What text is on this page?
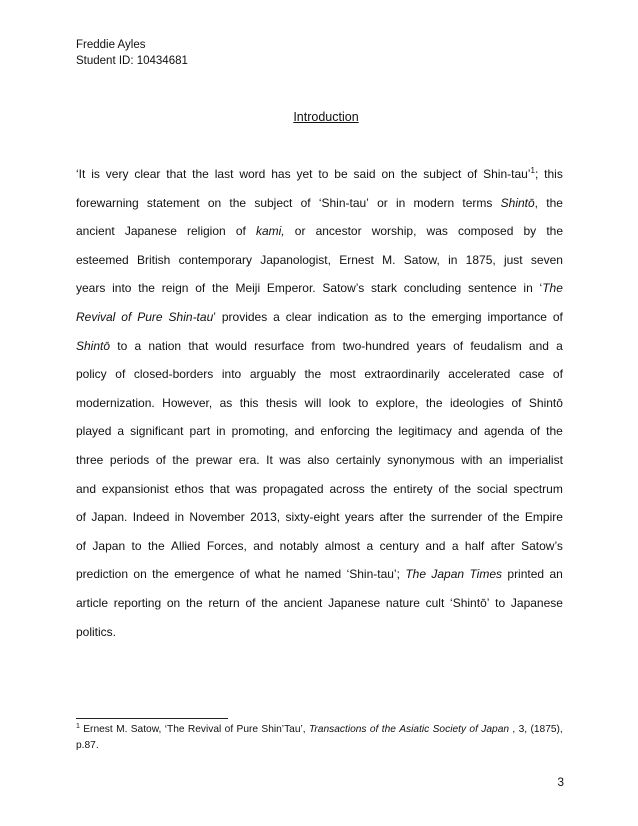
Freddie Ayles
Student ID: 10434681
Introduction
‘It is very clear that the last word has yet to be said on the subject of Shin-tau’$^1$; this
forewarning statement on the subject of ‘Shin-tau’ or in modern terms Shintō, the
ancient Japanese religion of kami, or ancestor worship, was composed by the
esteemed British contemporary Japanologist, Ernest M. Satow, in 1875, just seven
years into the reign of the Meiji Emperor. Satow’s stark concluding sentence in ‘The
Revival of Pure Shin-tau’ provides a clear indication as to the emerging importance of
Shintō to a nation that would resurface from two-hundred years of feudalism and a
policy of closed-borders into arguably the most extraordinarily accelerated case of
modernization. However, as this thesis will look to explore, the ideologies of Shintō
played a significant part in promoting, and enforcing the legitimacy and agenda of the
three periods of the prewar era. It was also certainly synonymous with an imperialist
and expansionist ethos that was propagated across the entirety of the social spectrum
of Japan. Indeed in November 2013, sixty-eight years after the surrender of the Empire
of Japan to the Allied Forces, and notably almost a century and a half after Satow’s
prediction on the emergence of what he named ‘Shin-tau’; The Japan Times printed an
article reporting on the return of the ancient Japanese nature cult ‘Shintō’ to Japanese
politics.
$^1$ Ernest M. Satow, ‘The Revival of Pure Shin’Tau’, Transactions of the Asiatic Society of Japan , 3, (1875),
p.87.
3
